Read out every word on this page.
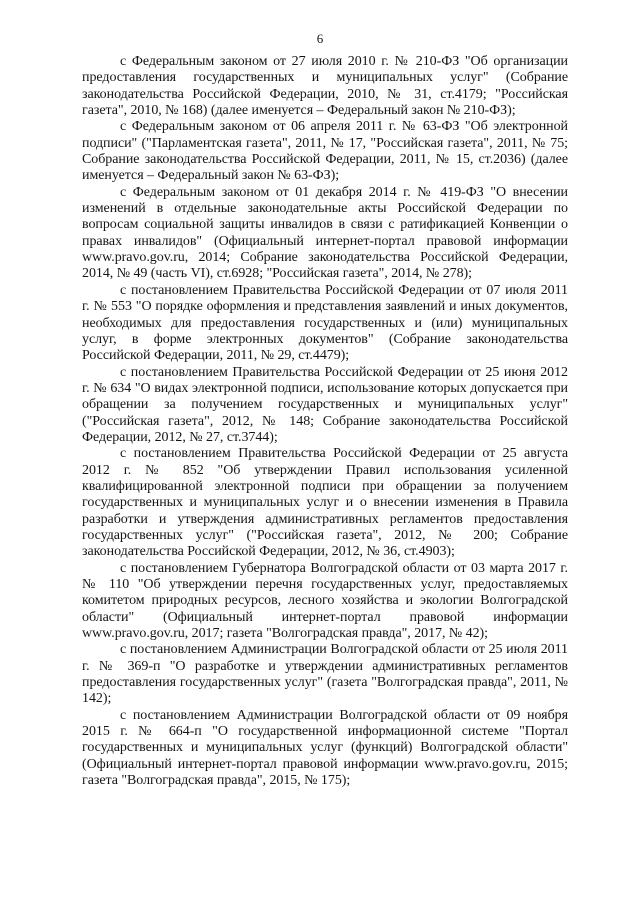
6

с Федеральным законом от 27 июля 2010 г. № 210-ФЗ "Об организации предоставления государственных и муниципальных услуг" (Собрание законодательства Российской Федерации, 2010, № 31, ст.4179; "Российская газета", 2010, № 168) (далее именуется – Федеральный закон № 210-ФЗ);

с Федеральным законом от 06 апреля 2011 г. № 63-ФЗ "Об электронной подписи" ("Парламентская газета", 2011, № 17, "Российская газета", 2011, № 75; Собрание законодательства Российской Федерации, 2011, № 15, ст.2036) (далее именуется – Федеральный закон № 63-ФЗ);

с Федеральным законом от 01 декабря 2014 г. № 419-ФЗ "О внесении изменений в отдельные законодательные акты Российской Федерации по вопросам социальной защиты инвалидов в связи с ратификацией Конвенции о правах инвалидов" (Официальный интернет-портал правовой информации www.pravo.gov.ru, 2014; Собрание законодательства Российской Федерации, 2014, № 49 (часть VI), ст.6928; "Российская газета", 2014, № 278);

с постановлением Правительства Российской Федерации от 07 июля 2011 г. № 553 "О порядке оформления и представления заявлений и иных документов, необходимых для предоставления государственных и (или) муниципальных услуг, в форме электронных документов" (Собрание законодательства Российской Федерации, 2011, № 29, ст.4479);

с постановлением Правительства Российской Федерации от 25 июня 2012 г. № 634 "О видах электронной подписи, использование которых допускается при обращении за получением государственных и муниципальных услуг" ("Российская газета", 2012, № 148; Собрание законодательства Российской Федерации, 2012, № 27, ст.3744);

с постановлением Правительства Российской Федерации от 25 августа 2012 г. № 852 "Об утверждении Правил использования усиленной квалифицированной электронной подписи при обращении за получением государственных и муниципальных услуг и о внесении изменения в Правила разработки и утверждения административных регламентов предоставления государственных услуг" ("Российская газета", 2012, № 200; Собрание законодательства Российской Федерации, 2012, № 36, ст.4903);

с постановлением Губернатора Волгоградской области от 03 марта 2017 г. № 110 "Об утверждении перечня государственных услуг, предоставляемых комитетом природных ресурсов, лесного хозяйства и экологии Волгоградской области" (Официальный интернет-портал правовой информации www.pravo.gov.ru, 2017; газета "Волгоградская правда", 2017, № 42);

с постановлением Администрации Волгоградской области от 25 июля 2011 г. № 369-п "О разработке и утверждении административных регламентов предоставления государственных услуг" (газета "Волгоградская правда", 2011, № 142);

с постановлением Администрации Волгоградской области от 09 ноября 2015 г. № 664-п "О государственной информационной системе "Портал государственных и муниципальных услуг (функций) Волгоградской области" (Официальный интернет-портал правовой информации www.pravo.gov.ru, 2015; газета "Волгоградская правда", 2015, № 175);
